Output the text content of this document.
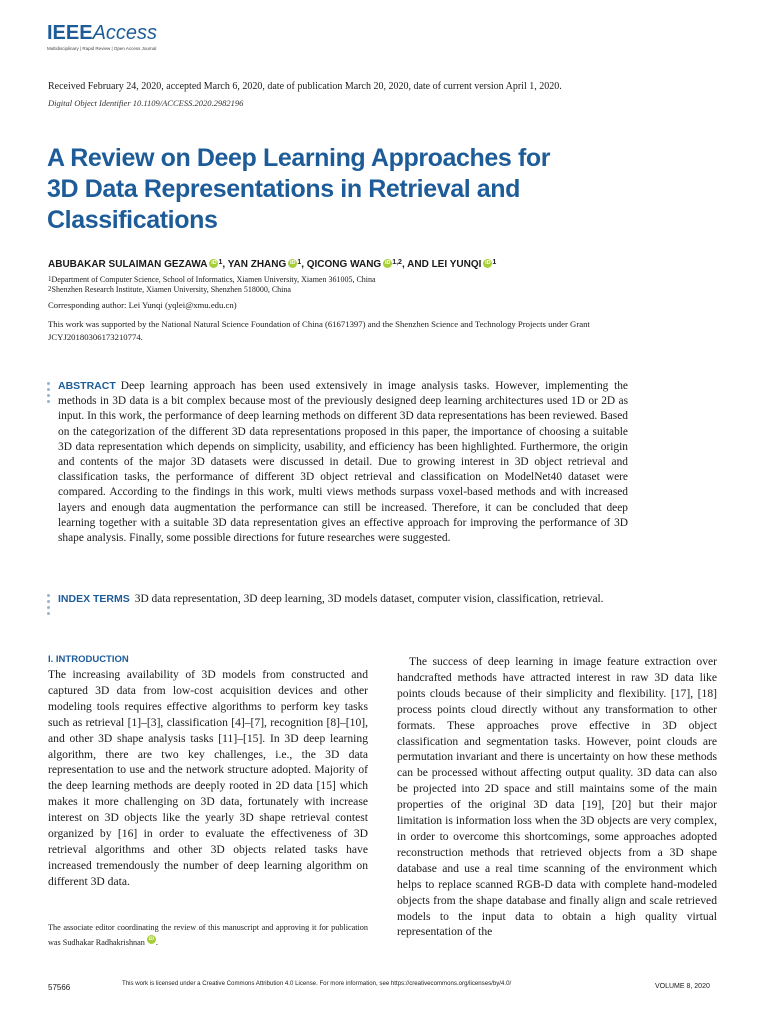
IEEEAccess
Multidisciplinary | Rapid Review | Open Access Journal
Received February 24, 2020, accepted March 6, 2020, date of publication March 20, 2020, date of current version April 1, 2020.
Digital Object Identifier 10.1109/ACCESS.2020.2982196
A Review on Deep Learning Approaches for 3D Data Representations in Retrieval and Classifications
ABUBAKAR SULAIMAN GEZAWA iD $^1$, YAN ZHANG iD $^1$, QICONG WANG iD $^{1,2}$, AND LEI YUNQI iD $^1$
$^1$Department of Computer Science, School of Informatics, Xiamen University, Xiamen 361005, China
$^2$Shenzhen Research Institute, Xiamen University, Shenzhen 518000, China
Corresponding author: Lei Yunqi (yqlei@xmu.edu.cn)
This work was supported by the National Natural Science Foundation of China (61671397) and the Shenzhen Science and Technology Projects under Grant JCYJ20180306173210774.
ABSTRACT Deep learning approach has been used extensively in image analysis tasks. However, implementing the methods in 3D data is a bit complex because most of the previously designed deep learning architectures used 1D or 2D as input. In this work, the performance of deep learning methods on different 3D data representations has been reviewed. Based on the categorization of the different 3D data representations proposed in this paper, the importance of choosing a suitable 3D data representation which depends on simplicity, usability, and efficiency has been highlighted. Furthermore, the origin and contents of the major 3D datasets were discussed in detail. Due to growing interest in 3D object retrieval and classification tasks, the performance of different 3D object retrieval and classification on ModelNet40 dataset were compared. According to the findings in this work, multi views methods surpass voxel-based methods and with increased layers and enough data augmentation the performance can still be increased. Therefore, it can be concluded that deep learning together with a suitable 3D data representation gives an effective approach for improving the performance of 3D shape analysis. Finally, some possible directions for future researches were suggested.
INDEX TERMS 3D data representation, 3D deep learning, 3D models dataset, computer vision, classification, retrieval.
I. INTRODUCTION

The increasing availability of 3D models from constructed and captured 3D data from low-cost acquisition devices and other modeling tools requires effective algorithms to perform key tasks such as retrieval [1]–[3], classification [4]–[7], recognition [8]–[10], and other 3D shape analysis tasks [11]–[15]. In 3D deep learning algorithm, there are two key challenges, i.e., the 3D data representation to use and the network structure adopted. Majority of the deep learning methods are deeply rooted in 2D data [15] which makes it more challenging on 3D data, fortunately with increase interest on 3D objects like the yearly 3D shape retrieval contest organized by [16] in order to evaluate the effectiveness of 3D retrieval algorithms and other 3D objects related tasks have increased tremendously the number of deep learning algorithm on different 3D data.

The success of deep learning in image feature extraction over handcrafted methods have attracted interest in raw 3D data like points clouds because of their simplicity and flexibility. [17], [18] process points cloud directly without any transformation to other formats. These approaches prove effective in 3D object classification and segmentation tasks. However, point clouds are permutation invariant and there is uncertainty on how these methods can be processed without affecting output quality. 3D data can also be projected into 2D space and still maintains some of the main properties of the original 3D data [19], [20] but their major limitation is information loss when the 3D objects are very complex, in order to overcome this shortcomings, some approaches adopted reconstruction methods that retrieved objects from a 3D shape database and use a real time scanning of the environment which helps to replace scanned RGB-D data with complete hand-modeled objects from the shape database and finally align and scale retrieved models to the input data to obtain a high quality virtual representation of the

The associate editor coordinating the review of this manuscript and approving it for publication was Sudhakar Radhakrishnan iD .
57566	This work is licensed under a Creative Commons Attribution 4.0 License. For more information, see https://creativecommons.org/licenses/by/4.0/	VOLUME 8, 2020
